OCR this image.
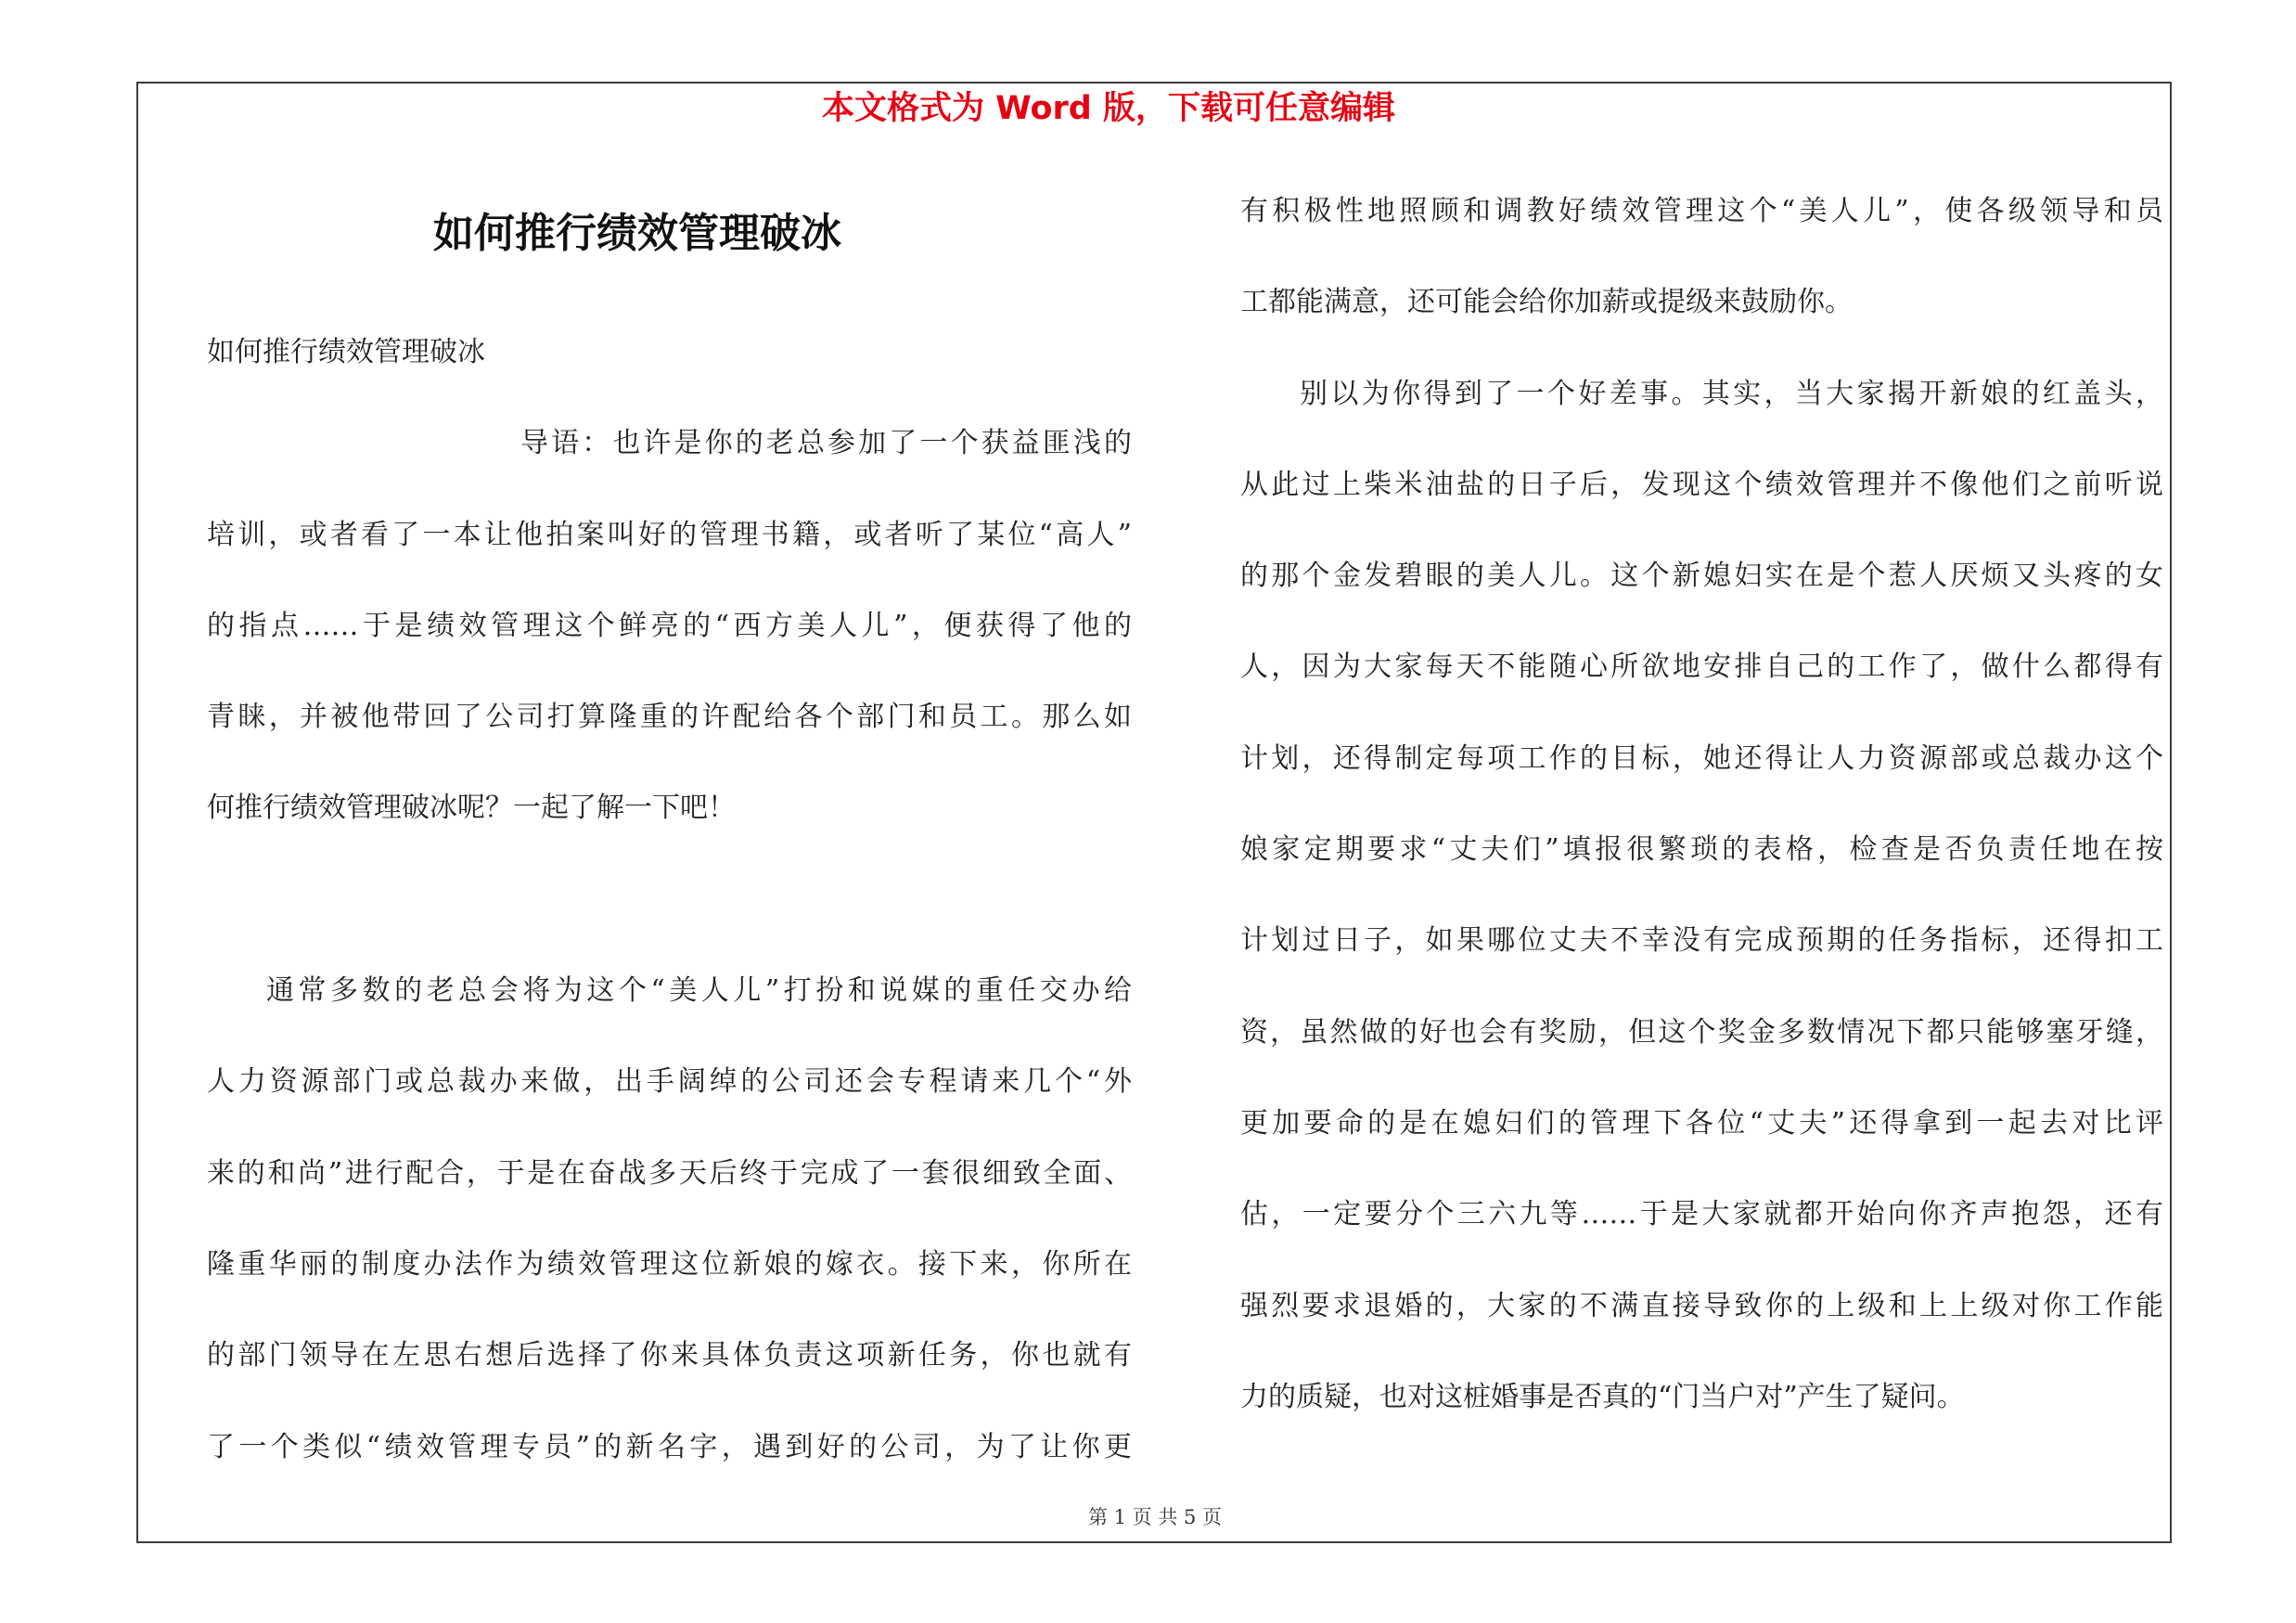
本文格式为 Word 版，下载可任意编辑
如何推行绩效管理破冰
如何推行绩效管理破冰
导语：也许是你的老总参加了一个获益匪浅的
培训，或者看了一本让他拍案叫好的管理书籍，或者听了某位“高人”
的指点……于是绩效管理这个鲜亮的“西方美人儿”，便获得了他的
青睐，并被他带回了公司打算隆重的许配给各个部门和员工。那么如
何推行绩效管理破冰呢？一起了解一下吧！
通常多数的老总会将为这个“美人儿”打扮和说媒的重任交办给
人力资源部门或总裁办来做，出手阔绰的公司还会专程请来几个“外
来的和尚”进行配合，于是在奋战多天后终于完成了一套很细致全面、
隆重华丽的制度办法作为绩效管理这位新娘的嫁衣。接下来，你所在
的部门领导在左思右想后选择了你来具体负责这项新任务，你也就有
了一个类似“绩效管理专员”的新名字，遇到好的公司，为了让你更
有积极性地照顾和调教好绩效管理这个“美人儿”，使各级领导和员
工都能满意，还可能会给你加薪或提级来鼓励你。
别以为你得到了一个好差事。其实，当大家揭开新娘的红盖头，
从此过上柴米油盐的日子后，发现这个绩效管理并不像他们之前听说
的那个金发碧眼的美人儿。这个新媳妇实在是个惹人厌烦又头疼的女
人，因为大家每天不能随心所欲地安排自己的工作了，做什么都得有
计划，还得制定每项工作的目标，她还得让人力资源部或总裁办这个
娘家定期要求“丈夫们”填报很繁琐的表格，检查是否负责任地在按
计划过日子，如果哪位丈夫不幸没有完成预期的任务指标，还得扣工
资，虽然做的好也会有奖励，但这个奖金多数情况下都只能够塞牙缝，
更加要命的是在媳妇们的管理下各位“丈夫”还得拿到一起去对比评
估，一定要分个三六九等……于是大家就都开始向你齐声抱怨，还有
强烈要求退婚的，大家的不满直接导致你的上级和上上级对你工作能
力的质疑，也对这桩婚事是否真的“门当户对”产生了疑问。
第 1 页 共 5 页
